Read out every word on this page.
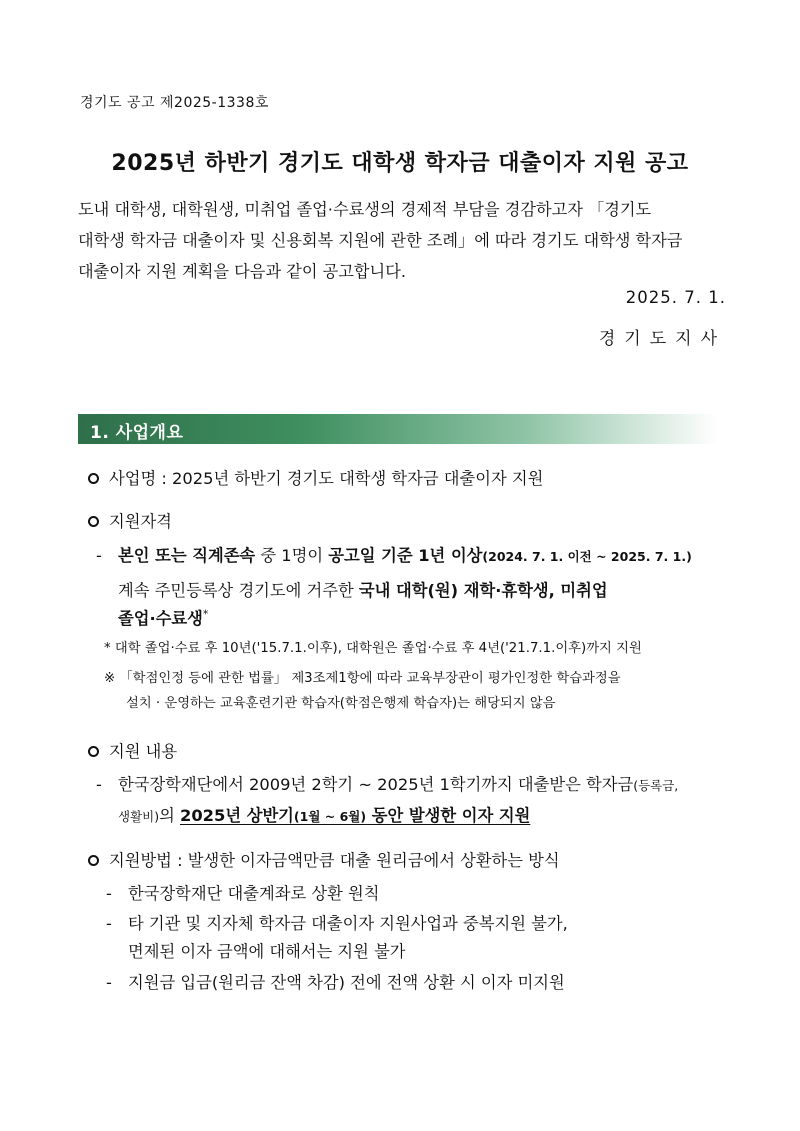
경기도 공고 제2025-1338호
2025년 하반기 경기도 대학생 학자금 대출이자 지원 공고
도내 대학생, 대학원생, 미취업 졸업·수료생의 경제적 부담을 경감하고자 「경기도
대학생 학자금 대출이자 및 신용회복 지원에 관한 조례」에 따라 경기도 대학생 학자금
대출이자 지원 계획을 다음과 같이 공고합니다.
2025. 7. 1.
경기도지사
1. 사업개요
사업명 : 2025년 하반기 경기도 대학생 학자금 대출이자 지원
지원자격
- 본인 또는 직계존속 중 1명이 공고일 기준 1년 이상(2024. 7. 1. 이전 ~ 2025. 7. 1.)
계속 주민등록상 경기도에 거주한 국내 대학(원) 재학·휴학생, 미취업
졸업·수료생*
* 대학 졸업·수료 후 10년('15.7.1.이후), 대학원은 졸업·수료 후 4년('21.7.1.이후)까지 지원
※ 「학점인정 등에 관한 법률」 제3조제1항에 따라 교육부장관이 평가인정한 학습과정을
설치 · 운영하는 교육훈련기관 학습자(학점은행제 학습자)는 해당되지 않음
지원 내용
- 한국장학재단에서 2009년 2학기 ~ 2025년 1학기까지 대출받은 학자금(등록금,
생활비)의 2025년 상반기(1월 ~ 6월) 동안 발생한 이자 지원
지원방법 : 발생한 이자금액만큼 대출 원리금에서 상환하는 방식
- 한국장학재단 대출계좌로 상환 원칙
- 타 기관 및 지자체 학자금 대출이자 지원사업과 중복지원 불가,
면제된 이자 금액에 대해서는 지원 불가
- 지원금 입금(원리금 잔액 차감) 전에 전액 상환 시 이자 미지원
